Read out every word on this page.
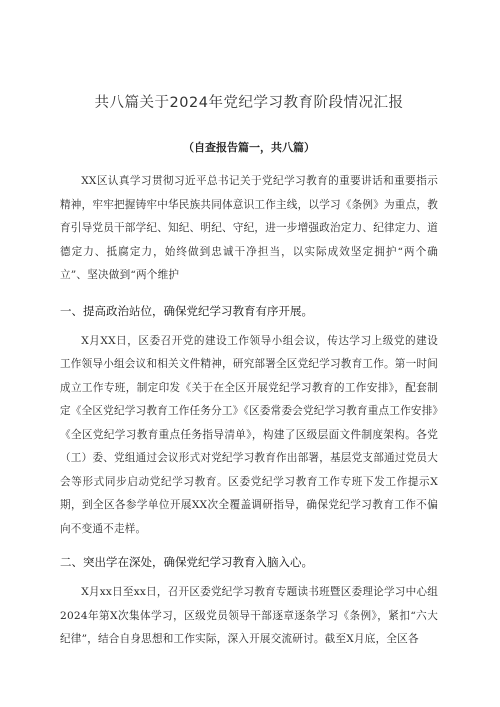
共八篇关于2024年党纪学习教育阶段情况汇报

（自查报告篇一，共八篇）

XX区认真学习贯彻习近平总书记关于党纪学习教育的重要讲话和重要指示精神，牢牢把握铸牢中华民族共同体意识工作主线，以学习《条例》为重点，教育引导党员干部学纪、知纪、明纪、守纪，进一步增强政治定力、纪律定力、道德定力、抵腐定力，始终做到忠诚干净担当，以实际成效坚定拥护“两个确立”、坚决做到“两个维护

一、提高政治站位，确保党纪学习教育有序开展。

X月XX日，区委召开党的建设工作领导小组会议，传达学习上级党的建设工作领导小组会议和相关文件精神，研究部署全区党纪学习教育工作。第一时间成立工作专班，制定印发《关于在全区开展党纪学习教育的工作安排》，配套制定《全区党纪学习教育工作任务分工》《区委常委会党纪学习教育重点工作安排》《全区党纪学习教育重点任务指导清单》，构建了区级层面文件制度架构。各党（工）委、党组通过会议形式对党纪学习教育作出部署，基层党支部通过党员大会等形式同步启动党纪学习教育。区委党纪学习教育工作专班下发工作提示X期，到全区各参学单位开展XX次全覆盖调研指导，确保党纪学习教育工作不偏向不变通不走样。

二、突出学在深处，确保党纪学习教育入脑入心。

X月xx日至xx日，召开区委党纪学习教育专题读书班暨区委理论学习中心组2024年第X次集体学习，区级党员领导干部逐章逐条学习《条例》，紧扣“六大纪律”，结合自身思想和工作实际，深入开展交流研讨。截至X月底，全区各
